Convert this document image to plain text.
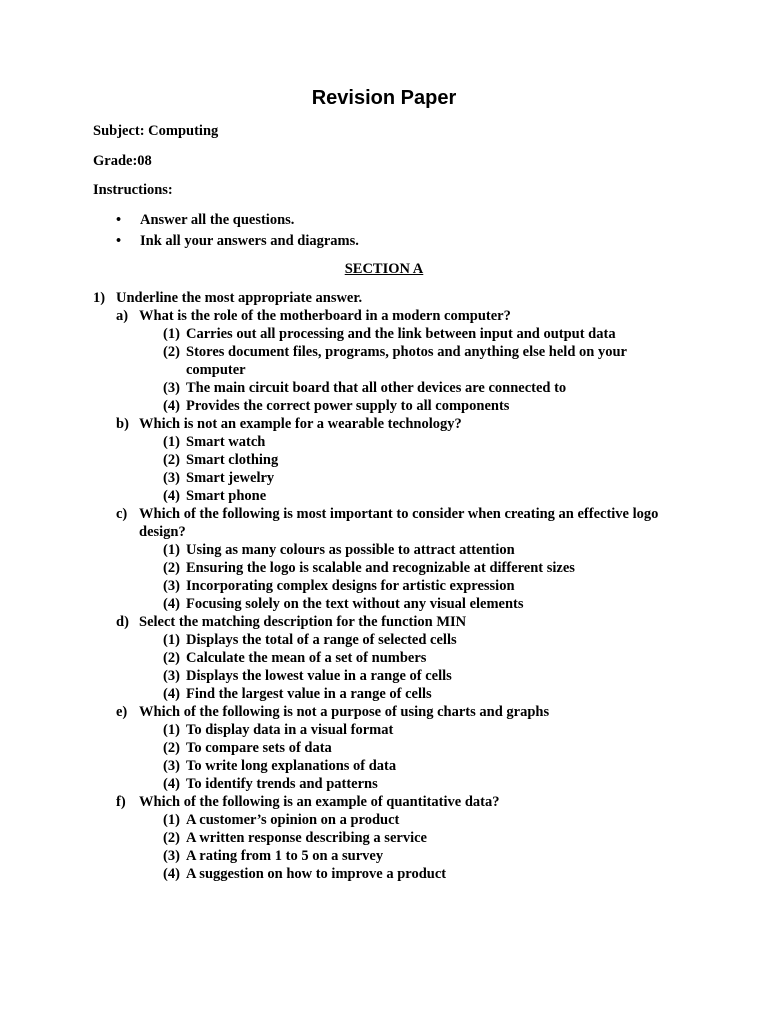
Revision Paper
Subject: Computing
Grade:08
Instructions:
• Answer all the questions.
• Ink all your answers and diagrams.
SECTION A
1) Underline the most appropriate answer.
a) What is the role of the motherboard in a modern computer?
(1) Carries out all processing and the link between input and output data
(2) Stores document files, programs, photos and anything else held on your computer
(3) The main circuit board that all other devices are connected to
(4) Provides the correct power supply to all components
b) Which is not an example for a wearable technology?
(1) Smart watch
(2) Smart clothing
(3) Smart jewelry
(4) Smart phone
c) Which of the following is most important to consider when creating an effective logo design?
(1) Using as many colours as possible to attract attention
(2) Ensuring the logo is scalable and recognizable at different sizes
(3) Incorporating complex designs for artistic expression
(4) Focusing solely on the text without any visual elements
d) Select the matching description for the function MIN
(1) Displays the total of a range of selected cells
(2) Calculate the mean of a set of numbers
(3) Displays the lowest value in a range of cells
(4) Find the largest value in a range of cells
e) Which of the following is not a purpose of using charts and graphs
(1) To display data in a visual format
(2) To compare sets of data
(3) To write long explanations of data
(4) To identify trends and patterns
f) Which of the following is an example of quantitative data?
(1) A customer’s opinion on a product
(2) A written response describing a service
(3) A rating from 1 to 5 on a survey
(4) A suggestion on how to improve a product
